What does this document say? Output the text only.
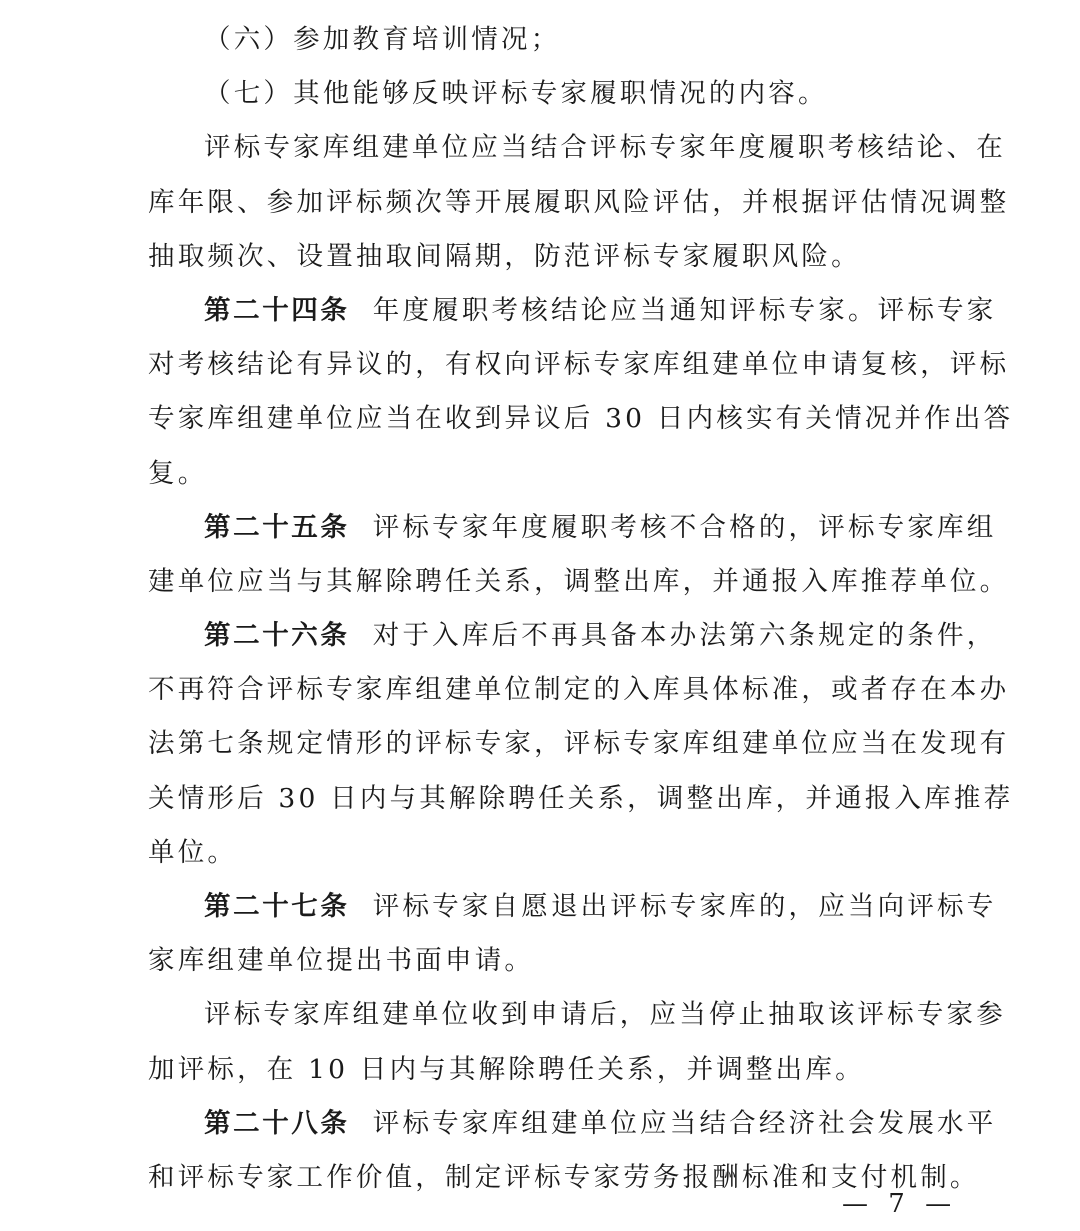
（六）参加教育培训情况；
（七）其他能够反映评标专家履职情况的内容。
评标专家库组建单位应当结合评标专家年度履职考核结论、在
库年限、参加评标频次等开展履职风险评估，并根据评估情况调整
抽取频次、设置抽取间隔期，防范评标专家履职风险。
第二十四条 年度履职考核结论应当通知评标专家。评标专家
对考核结论有异议的，有权向评标专家库组建单位申请复核，评标
专家库组建单位应当在收到异议后 30 日内核实有关情况并作出答
复。
第二十五条 评标专家年度履职考核不合格的，评标专家库组
建单位应当与其解除聘任关系，调整出库，并通报入库推荐单位。
第二十六条 对于入库后不再具备本办法第六条规定的条件，
不再符合评标专家库组建单位制定的入库具体标准，或者存在本办
法第七条规定情形的评标专家，评标专家库组建单位应当在发现有
关情形后 30 日内与其解除聘任关系，调整出库，并通报入库推荐
单位。
第二十七条 评标专家自愿退出评标专家库的，应当向评标专
家库组建单位提出书面申请。
评标专家库组建单位收到申请后，应当停止抽取该评标专家参
加评标，在 10 日内与其解除聘任关系，并调整出库。
第二十八条 评标专家库组建单位应当结合经济社会发展水平
和评标专家工作价值，制定评标专家劳务报酬标准和支付机制。
— 7 —
